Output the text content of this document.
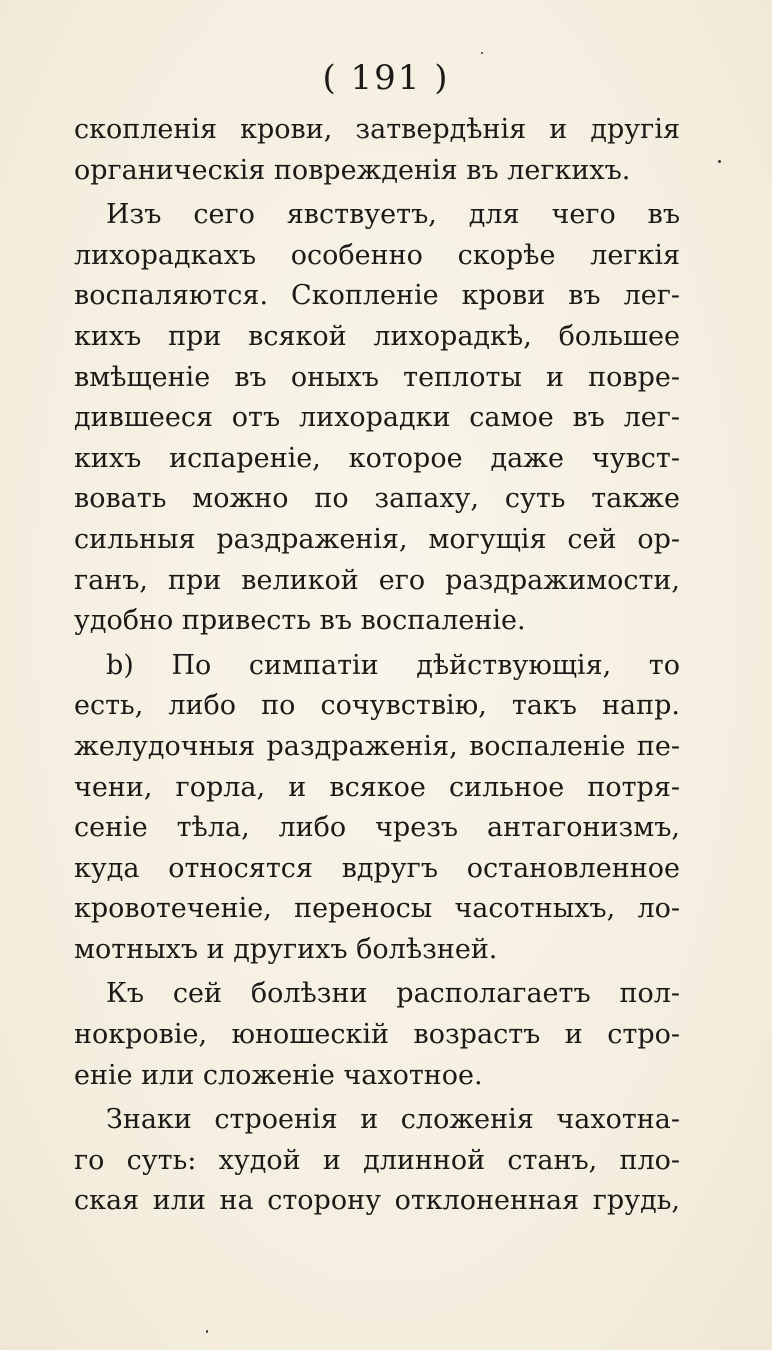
( 191 )
скопленія крови, затвердѣнія и другія
органическія поврежденія въ легкихъ.
Изъ сего явствуетъ, для чего въ
лихорадкахъ особенно скорѣе легкія
воспаляются. Скопленіе крови въ лег-
кихъ при всякой лихорадкѣ, большее
вмѣщеніе въ оныхъ теплоты и повре-
дившееся отъ лихорадки самое въ лег-
кихъ испареніе, которое даже чувст-
вовать можно по запаху, суть также
сильныя раздраженія, могущія сей ор-
ганъ, при великой его раздражимости,
удобно привесть въ воспаленіе.
b) По симпатіи дѣйствующія, то
есть, либо по сочувствію, такъ напр.
желудочныя раздраженія, воспаленіе пе-
чени, горла, и всякое сильное потря-
сеніе тѣла, либо чрезъ антагонизмъ,
куда относятся вдругъ остановленное
кровотеченіе, переносы часотныхъ, ло-
мотныхъ и другихъ болѣзней.
Къ сей болѣзни располагаетъ пол-
нокровіе, юношескій возрастъ и стро-
еніе или сложеніе чахотное.
Знаки строенія и сложенія чахотна-
го суть: худой и длинной станъ, пло-
ская или на сторону отклоненная грудь,
